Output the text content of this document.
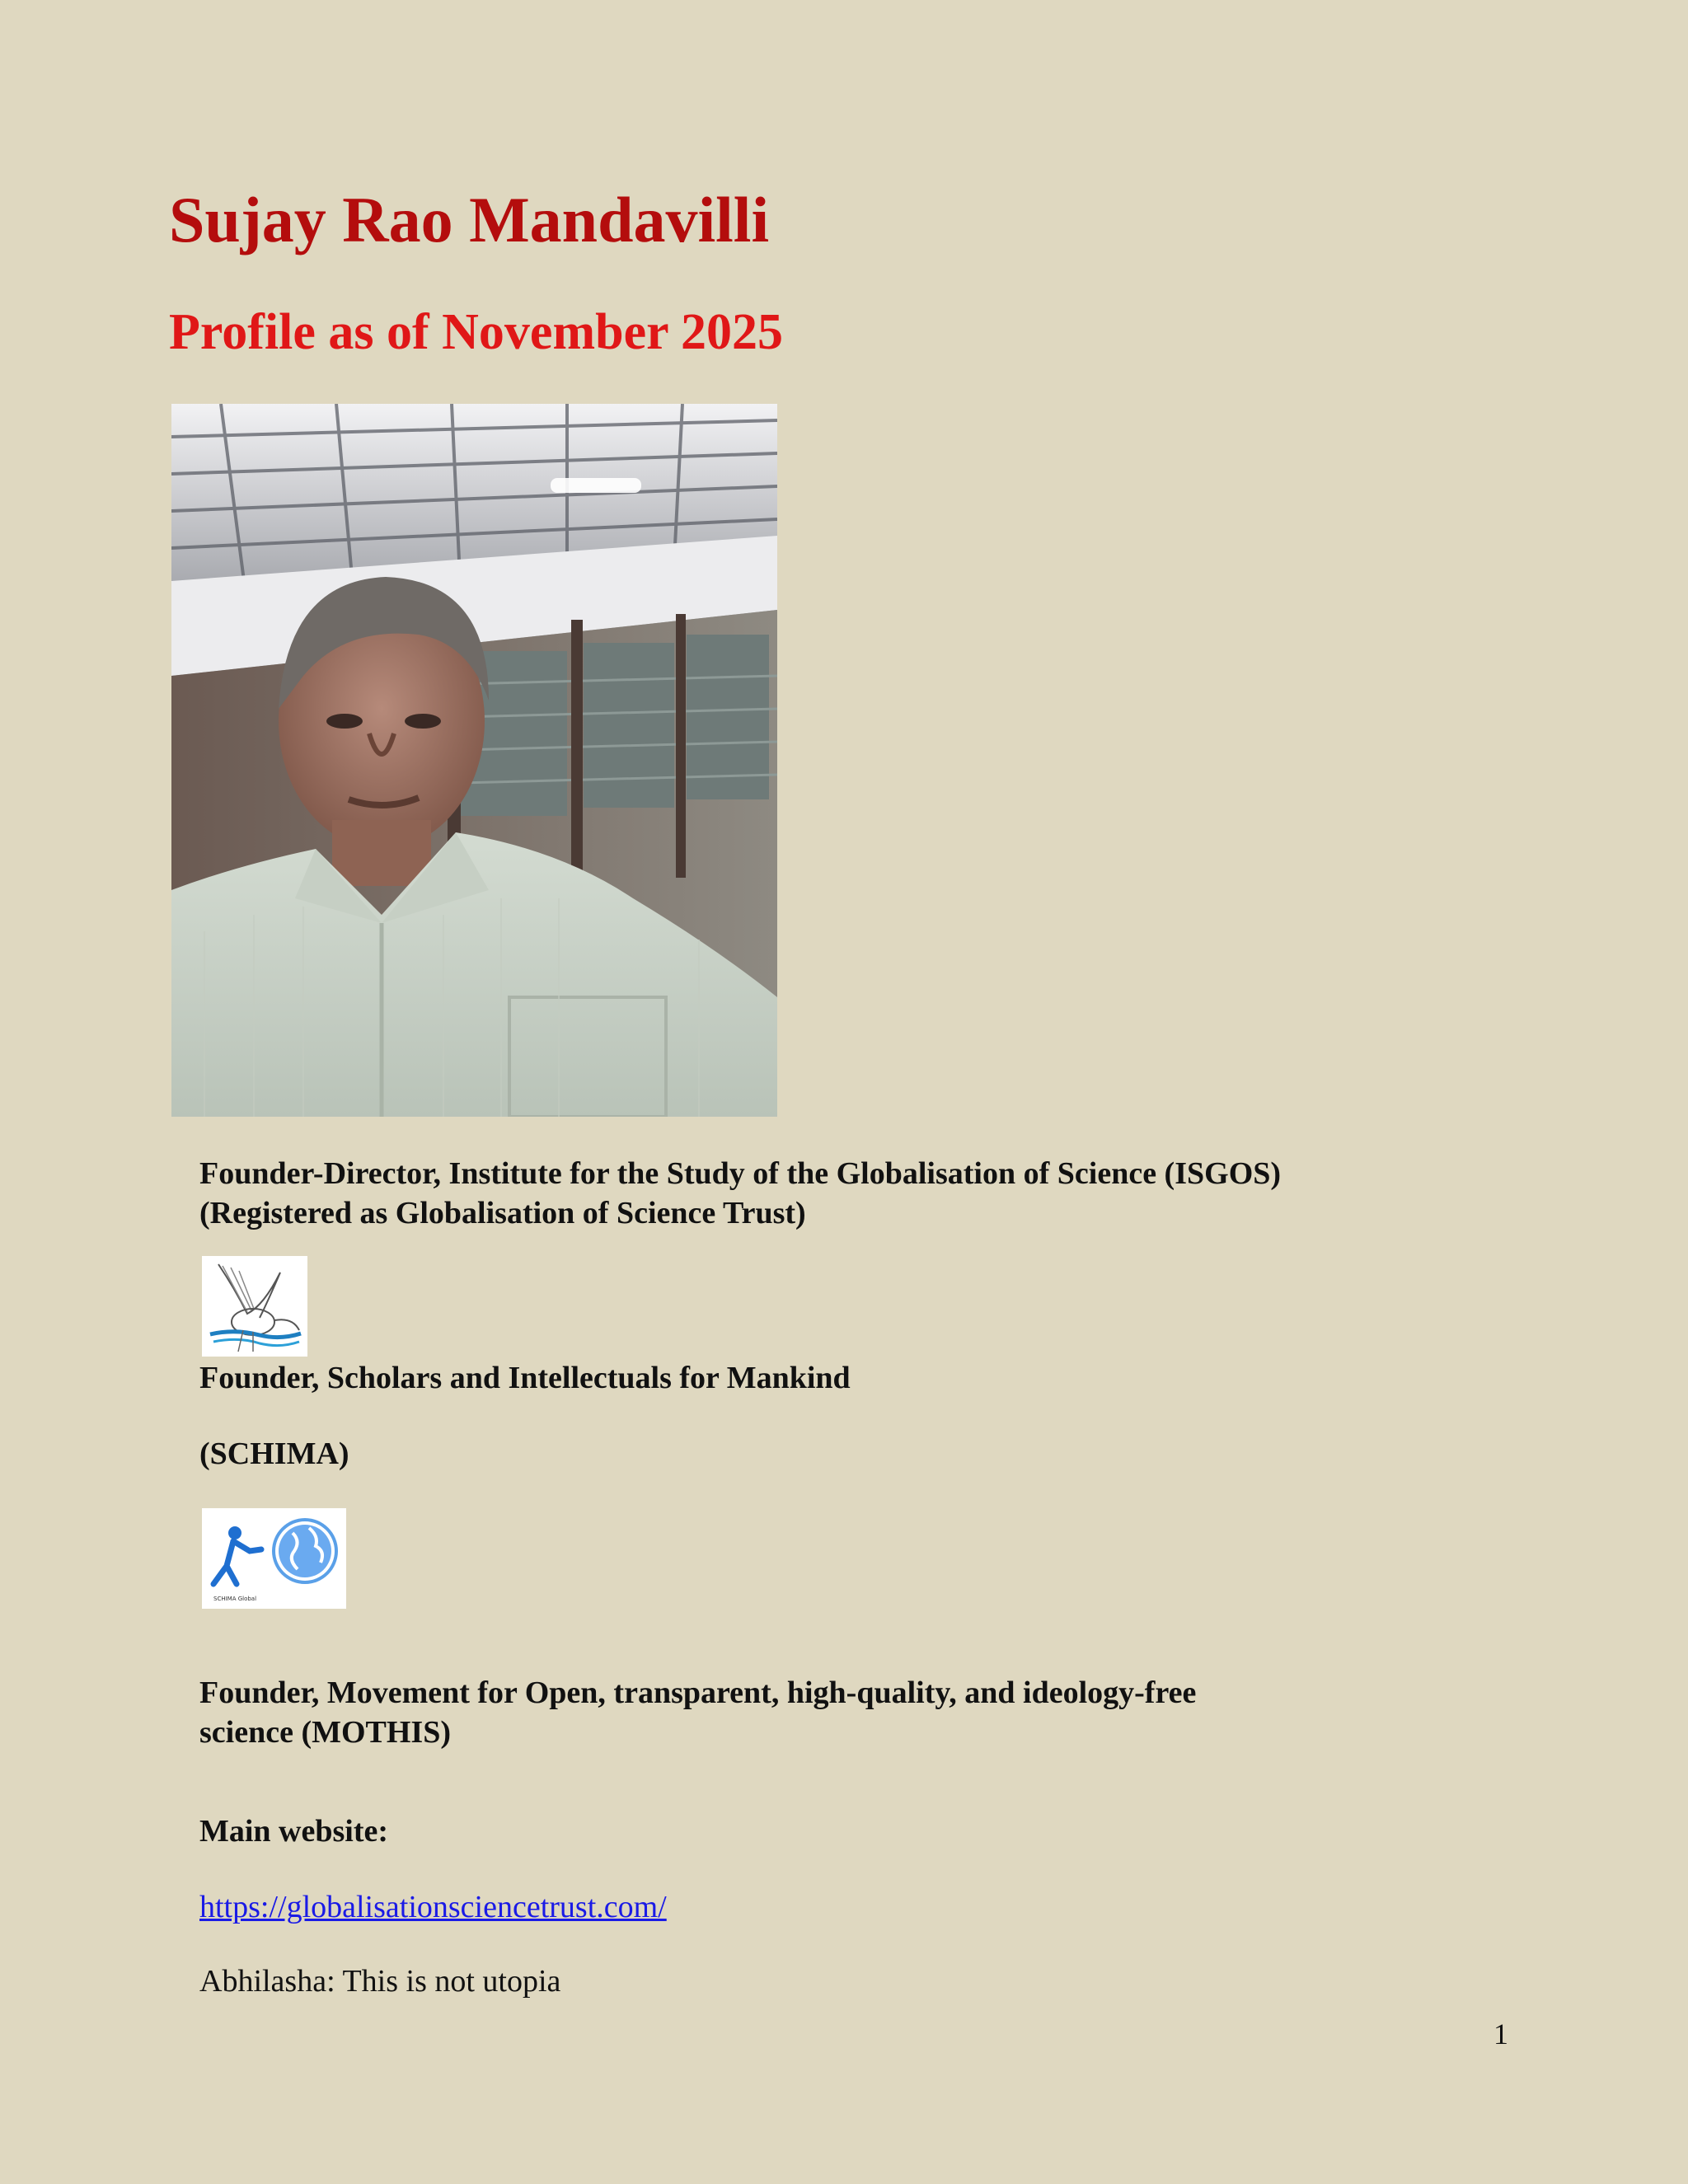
Sujay Rao Mandavilli
Profile as of November 2025
Founder-Director, Institute for the Study of the Globalisation of Science (ISGOS)
(Registered as Globalisation of Science Trust)
Founder, Scholars and Intellectuals for Mankind
(SCHIMA)
SCHIMA Global
Founder, Movement for Open, transparent, high-quality, and ideology-free
science (MOTHIS)
Main website:
https://globalisationsciencetrust.com/
Abhilasha: This is not utopia
1
